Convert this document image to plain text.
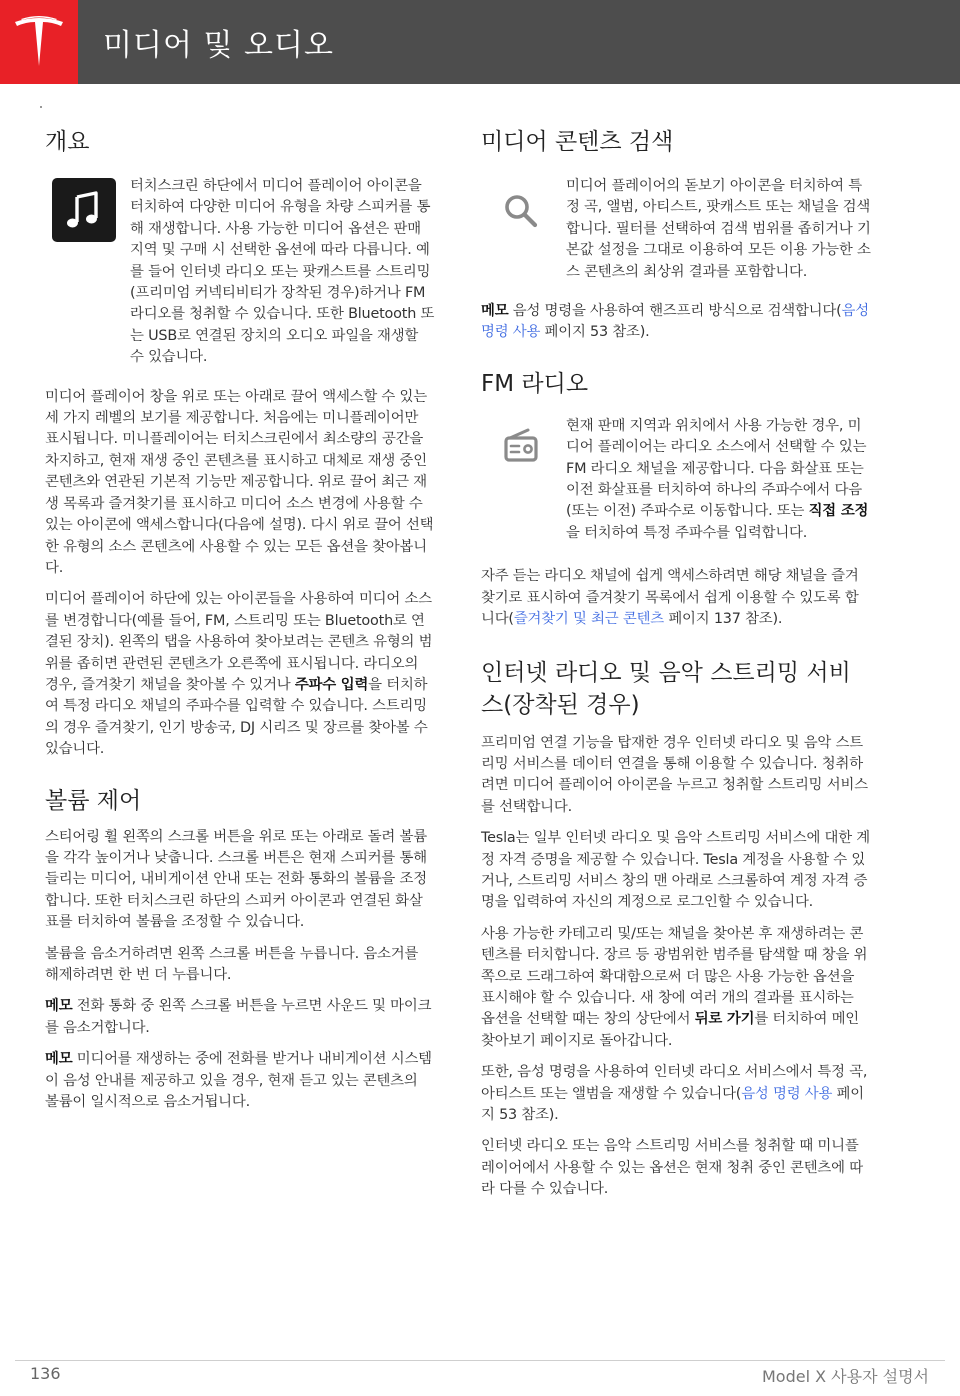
미디어 및 오디오
개요

터치스크린 하단에서 미디어 플레이어 아이콘을 터치하여 다양한 미디어 유형을 차량 스피커를 통해 재생합니다. 사용 가능한 미디어 옵션은 판매 지역 및 구매 시 선택한 옵션에 따라 다릅니다. 예를 들어 인터넷 라디오 또는 팟캐스트를 스트리밍(프리미엄 커넥티비티가 장착된 경우)하거나 FM 라디오를 청취할 수 있습니다. 또한 Bluetooth 또는 USB로 연결된 장치의 오디오 파일을 재생할 수 있습니다.

미디어 플레이어 창을 위로 또는 아래로 끌어 액세스할 수 있는 세 가지 레벨의 보기를 제공합니다. 처음에는 미니플레이어만 표시됩니다. 미니플레이어는 터치스크린에서 최소량의 공간을 차지하고, 현재 재생 중인 콘텐츠를 표시하고 대체로 재생 중인 콘텐츠와 연관된 기본적 기능만 제공합니다. 위로 끌어 최근 재생 목록과 즐겨찾기를 표시하고 미디어 소스 변경에 사용할 수 있는 아이콘에 액세스합니다(다음에 설명). 다시 위로 끌어 선택한 유형의 소스 콘텐츠에 사용할 수 있는 모든 옵션을 찾아봅니다.

미디어 플레이어 하단에 있는 아이콘들을 사용하여 미디어 소스를 변경합니다(예를 들어, FM, 스트리밍 또는 Bluetooth로 연결된 장치). 왼쪽의 탭을 사용하여 찾아보려는 콘텐츠 유형의 범위를 좁히면 관련된 콘텐츠가 오른쪽에 표시됩니다. 라디오의 경우, 즐겨찾기 채널을 찾아볼 수 있거나 주파수 입력을 터치하여 특정 라디오 채널의 주파수를 입력할 수 있습니다. 스트리밍의 경우 즐겨찾기, 인기 방송국, DJ 시리즈 및 장르를 찾아볼 수 있습니다.

볼륨 제어

스티어링 휠 왼쪽의 스크롤 버튼을 위로 또는 아래로 돌려 볼륨을 각각 높이거나 낮춥니다. 스크롤 버튼은 현재 스피커를 통해 들리는 미디어, 내비게이션 안내 또는 전화 통화의 볼륨을 조정합니다. 또한 터치스크린 하단의 스피커 아이콘과 연결된 화살표를 터치하여 볼륨을 조정할 수 있습니다.

볼륨을 음소거하려면 왼쪽 스크롤 버튼을 누릅니다. 음소거를 해제하려면 한 번 더 누릅니다.

메모 전화 통화 중 왼쪽 스크롤 버튼을 누르면 사운드 및 마이크를 음소거합니다.

메모 미디어를 재생하는 중에 전화를 받거나 내비게이션 시스템이 음성 안내를 제공하고 있을 경우, 현재 듣고 있는 콘텐츠의 볼륨이 일시적으로 음소거됩니다.

미디어 콘텐츠 검색

미디어 플레이어의 돋보기 아이콘을 터치하여 특정 곡, 앨범, 아티스트, 팟캐스트 또는 채널을 검색합니다. 필터를 선택하여 검색 범위를 좁히거나 기본값 설정을 그대로 이용하여 모든 이용 가능한 소스 콘텐츠의 최상위 결과를 포함합니다.

메모 음성 명령을 사용하여 핸즈프리 방식으로 검색합니다(음성 명령 사용 페이지 53 참조).

FM 라디오

현재 판매 지역과 위치에서 사용 가능한 경우, 미디어 플레이어는 라디오 소스에서 선택할 수 있는 FM 라디오 채널을 제공합니다. 다음 화살표 또는 이전 화살표를 터치하여 하나의 주파수에서 다음(또는 이전) 주파수로 이동합니다. 또는 직접 조정을 터치하여 특정 주파수를 입력합니다.

자주 듣는 라디오 채널에 쉽게 액세스하려면 해당 채널을 즐겨찾기로 표시하여 즐겨찾기 목록에서 쉽게 이용할 수 있도록 합니다(즐겨찾기 및 최근 콘텐츠 페이지 137 참조).

인터넷 라디오 및 음악 스트리밍 서비스(장착된 경우)

프리미엄 연결 기능을 탑재한 경우 인터넷 라디오 및 음악 스트리밍 서비스를 데이터 연결을 통해 이용할 수 있습니다. 청취하려면 미디어 플레이어 아이콘을 누르고 청취할 스트리밍 서비스를 선택합니다.

Tesla는 일부 인터넷 라디오 및 음악 스트리밍 서비스에 대한 계정 자격 증명을 제공할 수 있습니다. Tesla 계정을 사용할 수 있거나, 스트리밍 서비스 창의 맨 아래로 스크롤하여 계정 자격 증명을 입력하여 자신의 계정으로 로그인할 수 있습니다.

사용 가능한 카테고리 및/또는 채널을 찾아본 후 재생하려는 콘텐츠를 터치합니다. 장르 등 광범위한 범주를 탐색할 때 창을 위쪽으로 드래그하여 확대함으로써 더 많은 사용 가능한 옵션을 표시해야 할 수 있습니다. 새 창에 여러 개의 결과를 표시하는 옵션을 선택할 때는 창의 상단에서 뒤로 가기를 터치하여 메인 찾아보기 페이지로 돌아갑니다.

또한, 음성 명령을 사용하여 인터넷 라디오 서비스에서 특정 곡, 아티스트 또는 앨범을 재생할 수 있습니다(음성 명령 사용 페이지 53 참조).

인터넷 라디오 또는 음악 스트리밍 서비스를 청취할 때 미니플레이어에서 사용할 수 있는 옵션은 현재 청취 중인 콘텐츠에 따라 다를 수 있습니다.

136	Model X 사용자 설명서
